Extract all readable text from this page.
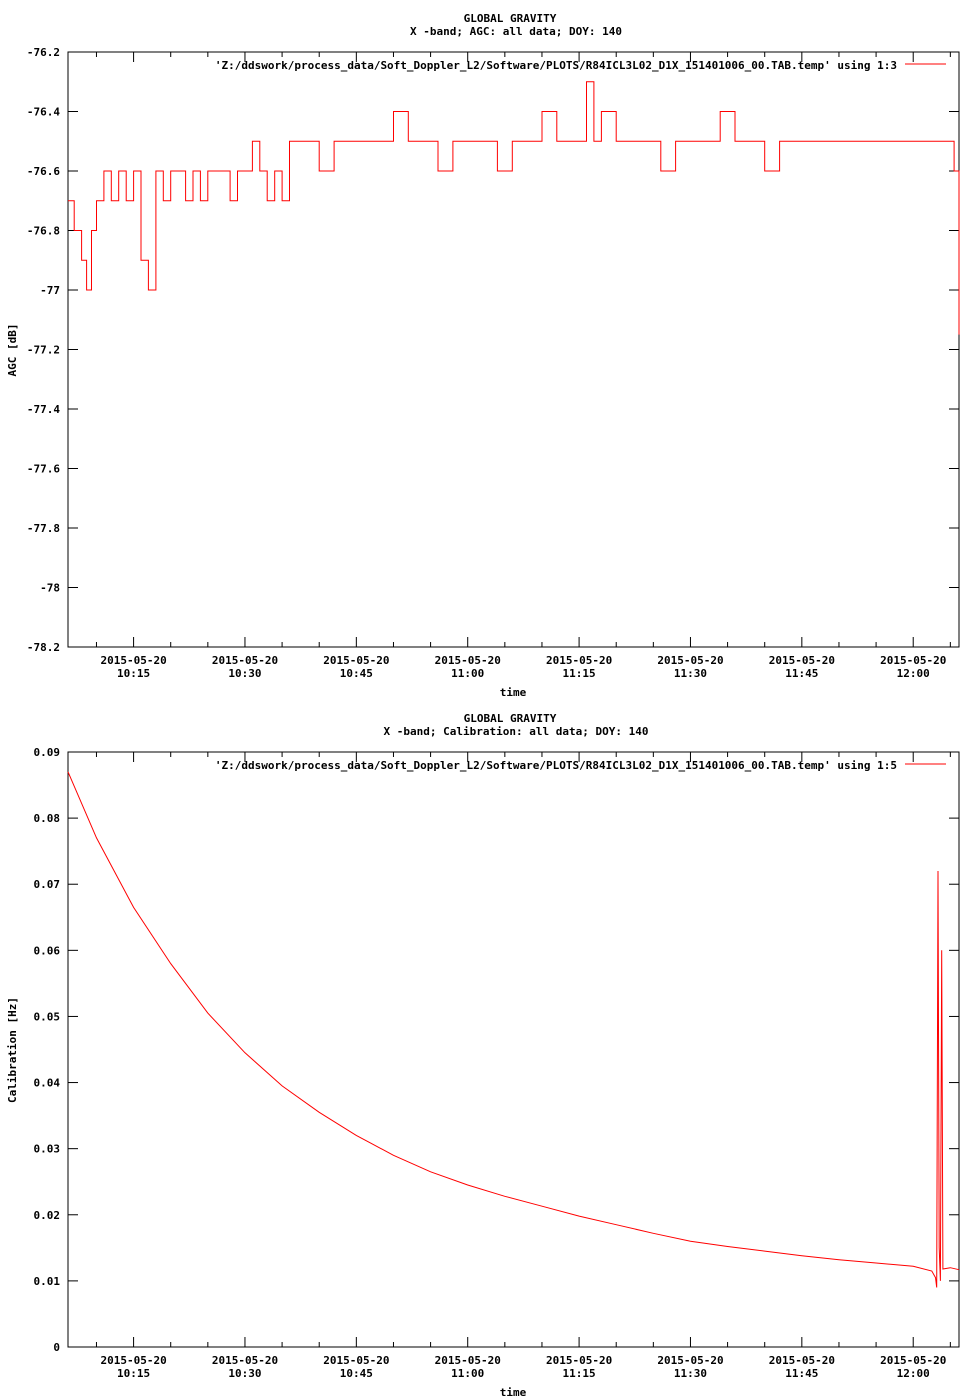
GLOBAL GRAVITY
X -band; AGC: all data; DOY: 140
-76.2
-76.4
-76.6
-76.8
-77
-77.2
-77.4
-77.6
-77.8
-78
-78.2
2015-05-20
10:15
2015-05-20
10:30
2015-05-20
10:45
2015-05-20
11:00
2015-05-20
11:15
2015-05-20
11:30
2015-05-20
11:45
2015-05-20
12:00
time
AGC [dB]
'Z:/ddswork/process_data/Soft_Doppler_L2/Software/PLOTS/R84ICL3L02_D1X_151401006_00.TAB.temp' using 1:3
GLOBAL GRAVITY
X -band; Calibration: all data; DOY: 140
0.09
0.08
0.07
0.06
0.05
0.04
0.03
0.02
0.01
0
2015-05-20
10:15
2015-05-20
10:30
2015-05-20
10:45
2015-05-20
11:00
2015-05-20
11:15
2015-05-20
11:30
2015-05-20
11:45
2015-05-20
12:00
time
Calibration [Hz]
'Z:/ddswork/process_data/Soft_Doppler_L2/Software/PLOTS/R84ICL3L02_D1X_151401006_00.TAB.temp' using 1:5
